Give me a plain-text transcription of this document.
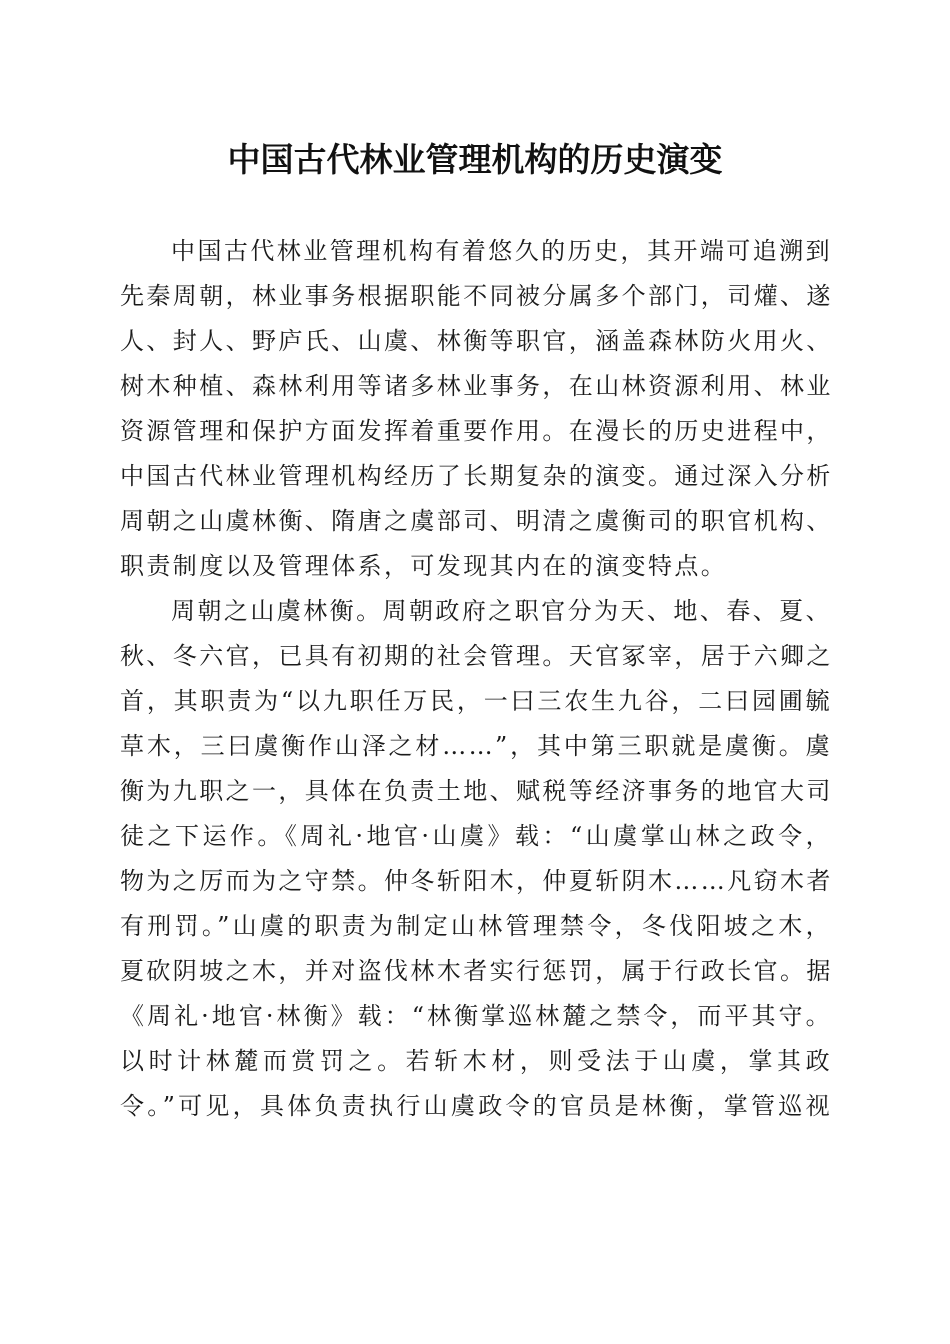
中国古代林业管理机构的历史演变
中国古代林业管理机构有着悠久的历史，其开端可追溯到
先秦周朝，林业事务根据职能不同被分属多个部门，司爟、遂
人、封人、野庐氏、山虞、林衡等职官，涵盖森林防火用火、
树木种植、森林利用等诸多林业事务，在山林资源利用、林业
资源管理和保护方面发挥着重要作用。在漫长的历史进程中，
中国古代林业管理机构经历了长期复杂的演变。通过深入分析
周朝之山虞林衡、隋唐之虞部司、明清之虞衡司的职官机构、
职责制度以及管理体系，可发现其内在的演变特点。
周朝之山虞林衡。周朝政府之职官分为天、地、春、夏、
秋、冬六官，已具有初期的社会管理。天官冢宰，居于六卿之
首，其职责为“以九职任万民，一曰三农生九谷，二曰园圃毓
草木，三曰虞衡作山泽之材……”，其中第三职就是虞衡。虞
衡为九职之一，具体在负责土地、赋税等经济事务的地官大司
徒之下运作。《周礼·地官·山虞》载：“山虞掌山林之政令，
物为之厉而为之守禁。仲冬斩阳木，仲夏斩阴木……凡窃木者
有刑罚。”山虞的职责为制定山林管理禁令，冬伐阳坡之木，
夏砍阴坡之木，并对盗伐林木者实行惩罚，属于行政长官。据
《周礼·地官·林衡》载：“林衡掌巡林麓之禁令，而平其守。
以时计林麓而赏罚之。若斩木材，则受法于山虞，掌其政
令。”可见，具体负责执行山虞政令的官员是林衡，掌管巡视
